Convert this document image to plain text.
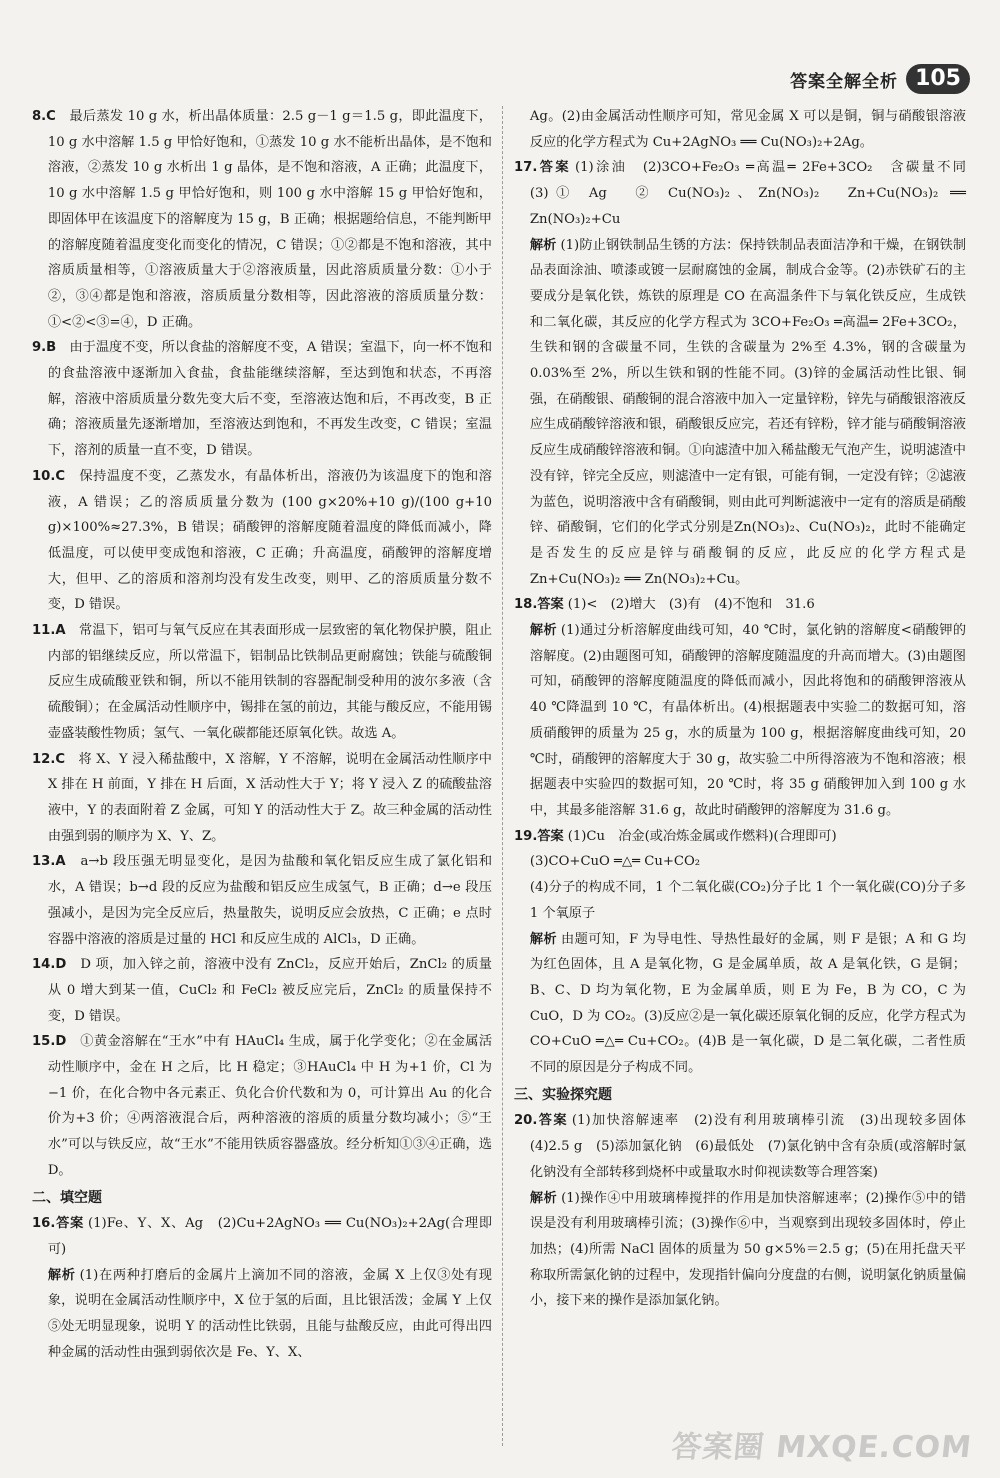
答案全解全析 105

8.C　 最后蒸发 10 g 水，析出晶体质量：2.5 g－1 g＝1.5 g，即此温度下，10 g 水中溶解 1.5 g 甲恰好饱和，①蒸发 10 g 水不能析出晶体，是不饱和溶液，②蒸发 10 g 水析出 1 g 晶体，是不饱和溶液，A 正确；此温度下，10 g 水中溶解 1.5 g 甲恰好饱和，则 100 g 水中溶解 15 g 甲恰好饱和，即固体甲在该温度下的溶解度为 15 g，B 正确；根据题给信息，不能判断甲的溶解度随着温度变化而变化的情况，C 错误；①②都是不饱和溶液，其中溶质质量相等，①溶液质量大于②溶液质量，因此溶质质量分数：①小于②，③④都是饱和溶液，溶质质量分数相等，因此溶液的溶质质量分数：①<②<③=④，D 正确。

9.B　 由于温度不变，所以食盐的溶解度不变，A 错误；室温下，向一杯不饱和的食盐溶液中逐渐加入食盐，食盐能继续溶解，至达到饱和状态，不再溶解，溶液中溶质质量分数先变大后不变，至溶液达饱和后，不再改变，B 正确；溶液质量先逐渐增加，至溶液达到饱和，不再发生改变，C 错误；室温下，溶剂的质量一直不变，D 错误。

10.C　 保持温度不变，乙蒸发水，有晶体析出，溶液仍为该温度下的饱和溶液，A 错误；乙的溶质质量分数为 (100 g×20%+10 g)/(100 g+10 g)×100%≈27.3%，B 错误；硝酸钾的溶解度随着温度的降低而减小，降低温度，可以使甲变成饱和溶液，C 正确；升高温度，硝酸钾的溶解度增大，但甲、乙的溶质和溶剂均没有发生改变，则甲、乙的溶质质量分数不变，D 错误。

11.A　 常温下，铝可与氧气反应在其表面形成一层致密的氧化物保护膜，阻止内部的铝继续反应，所以常温下，铝制品比铁制品更耐腐蚀；铁能与硫酸铜反应生成硫酸亚铁和铜，所以不能用铁制的容器配制受种用的波尔多液（含硫酸铜）；在金属活动性顺序中，锡排在氢的前边，其能与酸反应，不能用锡壶盛装酸性物质；氢气、一氧化碳都能还原氧化铁。故选 A。

12.C　 将 X、Y 浸入稀盐酸中，X 溶解，Y 不溶解，说明在金属活动性顺序中 X 排在 H 前面，Y 排在 H 后面，X 活动性大于 Y；将 Y 浸入 Z 的硫酸盐溶液中，Y 的表面附着 Z 金属，可知 Y 的活动性大于 Z。故三种金属的活动性由强到弱的顺序为 X、Y、Z。

13.A　 a→b 段压强无明显变化，是因为盐酸和氧化铝反应生成了氯化铝和水，A 错误；b→d 段的反应为盐酸和铝反应生成氢气，B 正确；d→e 段压强减小，是因为完全反应后，热量散失，说明反应会放热，C 正确；e 点时容器中溶液的溶质是过量的 HCl 和反应生成的 AlCl₃，D 正确。

14.D　 D 项，加入锌之前，溶液中没有 ZnCl₂，反应开始后，ZnCl₂ 的质量从 0 增大到某一值，CuCl₂ 和 FeCl₂ 被反应完后，ZnCl₂ 的质量保持不变，D 错误。

15.D　 ①黄金溶解在“王水”中有 HAuCl₄ 生成，属于化学变化；②在金属活动性顺序中，金在 H 之后，比 H 稳定；③HAuCl₄ 中 H 为+1 价，Cl 为−1 价，在化合物中各元素正、负化合价代数和为 0，可计算出 Au 的化合价为+3 价；④两溶液混合后，两种溶液的溶质的质量分数均减小；⑤“王水”可以与铁反应，故“王水”不能用铁质容器盛放。经分析知①③④正确，选 D。

二、填空题

16.答案 (1)Fe、Y、X、Ag　(2)Cu+2AgNO₃ ══ Cu(NO₃)₂+2Ag(合理即可)

解析 (1)在两种打磨后的金属片上滴加不同的溶液，金属 X 上仅③处有现象，说明在金属活动性顺序中，X 位于氢的后面，且比银活泼；金属 Y 上仅⑤处无明显现象，说明 Y 的活动性比铁弱，且能与盐酸反应，由此可得出四种金属的活动性由强到弱依次是 Fe、Y、X、

Ag。(2)由金属活动性顺序可知，常见金属 X 可以是铜，铜与硝酸银溶液反应的化学方程式为 Cu+2AgNO₃ ══ Cu(NO₃)₂+2Ag。

17.答案 (1)涂油　(2)3CO+Fe₂O₃ ═高温═ 2Fe+3CO₂　含碳量不同　(3)① Ag　② Cu(NO₃)₂、Zn(NO₃)₂　Zn+Cu(NO₃)₂ ══ Zn(NO₃)₂+Cu

解析 (1)防止钢铁制品生锈的方法：保持铁制品表面洁净和干燥，在钢铁制品表面涂油、喷漆或镀一层耐腐蚀的金属，制成合金等。(2)赤铁矿石的主要成分是氧化铁，炼铁的原理是 CO 在高温条件下与氧化铁反应，生成铁和二氧化碳，其反应的化学方程式为 3CO+Fe₂O₃ ═高温═ 2Fe+3CO₂，生铁和钢的含碳量不同，生铁的含碳量为 2%至 4.3%，钢的含碳量为 0.03%至 2%，所以生铁和钢的性能不同。(3)锌的金属活动性比银、铜强，在硝酸银、硝酸铜的混合溶液中加入一定量锌粉，锌先与硝酸银溶液反应生成硝酸锌溶液和银，硝酸银反应完，若还有锌粉，锌才能与硝酸铜溶液反应生成硝酸锌溶液和铜。①向滤渣中加入稀盐酸无气泡产生，说明滤渣中没有锌，锌完全反应，则滤渣中一定有银，可能有铜，一定没有锌；②滤液为蓝色，说明溶液中含有硝酸铜，则由此可判断滤液中一定有的溶质是硝酸锌、硝酸铜，它们的化学式分别是Zn(NO₃)₂、Cu(NO₃)₂，此时不能确定是否发生的反应是锌与硝酸铜的反应，此反应的化学方程式是 Zn+Cu(NO₃)₂ ══ Zn(NO₃)₂+Cu。

18.答案 (1)<　(2)增大　(3)有　(4)不饱和　31.6

解析 (1)通过分析溶解度曲线可知，40 ℃时，氯化钠的溶解度<硝酸钾的溶解度。(2)由题图可知，硝酸钾的溶解度随温度的升高而增大。(3)由题图可知，硝酸钾的溶解度随温度的降低而减小，因此将饱和的硝酸钾溶液从 40 ℃降温到 10 ℃，有晶体析出。(4)根据题表中实验二的数据可知，溶质硝酸钾的质量为 25 g，水的质量为 100 g，根据溶解度曲线可知，20 ℃时，硝酸钾的溶解度大于 30 g，故实验二中所得溶液为不饱和溶液；根据题表中实验四的数据可知，20 ℃时，将 35 g 硝酸钾加入到 100 g 水中，其最多能溶解 31.6 g，故此时硝酸钾的溶解度为 31.6 g。

19.答案 (1)Cu　冶金(或冶炼金属或作燃料)(合理即可)
(3)CO+CuO ═△═ Cu+CO₂
(4)分子的构成不同，1 个二氧化碳(CO₂)分子比 1 个一氧化碳(CO)分子多 1 个氧原子

解析 由题可知，F 为导电性、导热性最好的金属，则 F 是银；A 和 G 均为红色固体，且 A 是氧化物，G 是金属单质，故 A 是氧化铁，G 是铜；B、C、D 均为氧化物，E 为金属单质，则 E 为 Fe，B 为 CO，C 为 CuO，D 为 CO₂。(3)反应②是一氧化碳还原氧化铜的反应，化学方程式为 CO+CuO ═△═ Cu+CO₂。(4)B 是一氧化碳，D 是二氧化碳，二者性质不同的原因是分子构成不同。

三、实验探究题

20.答案 (1)加快溶解速率　(2)没有利用玻璃棒引流　(3)出现较多固体　(4)2.5 g　(5)添加氯化钠　(6)最低处　(7)氯化钠中含有杂质(或溶解时氯化钠没有全部转移到烧杯中或量取水时仰视读数等合理答案)

解析 (1)操作④中用玻璃棒搅拌的作用是加快溶解速率；(2)操作⑤中的错误是没有利用玻璃棒引流；(3)操作⑥中，当观察到出现较多固体时，停止加热；(4)所需 NaCl 固体的质量为 50 g×5%＝2.5 g；(5)在用托盘天平称取所需氯化钠的过程中，发现指针偏向分度盘的右侧，说明氯化钠质量偏小，接下来的操作是添加氯化钠。

答案圈 MXQE.COM
